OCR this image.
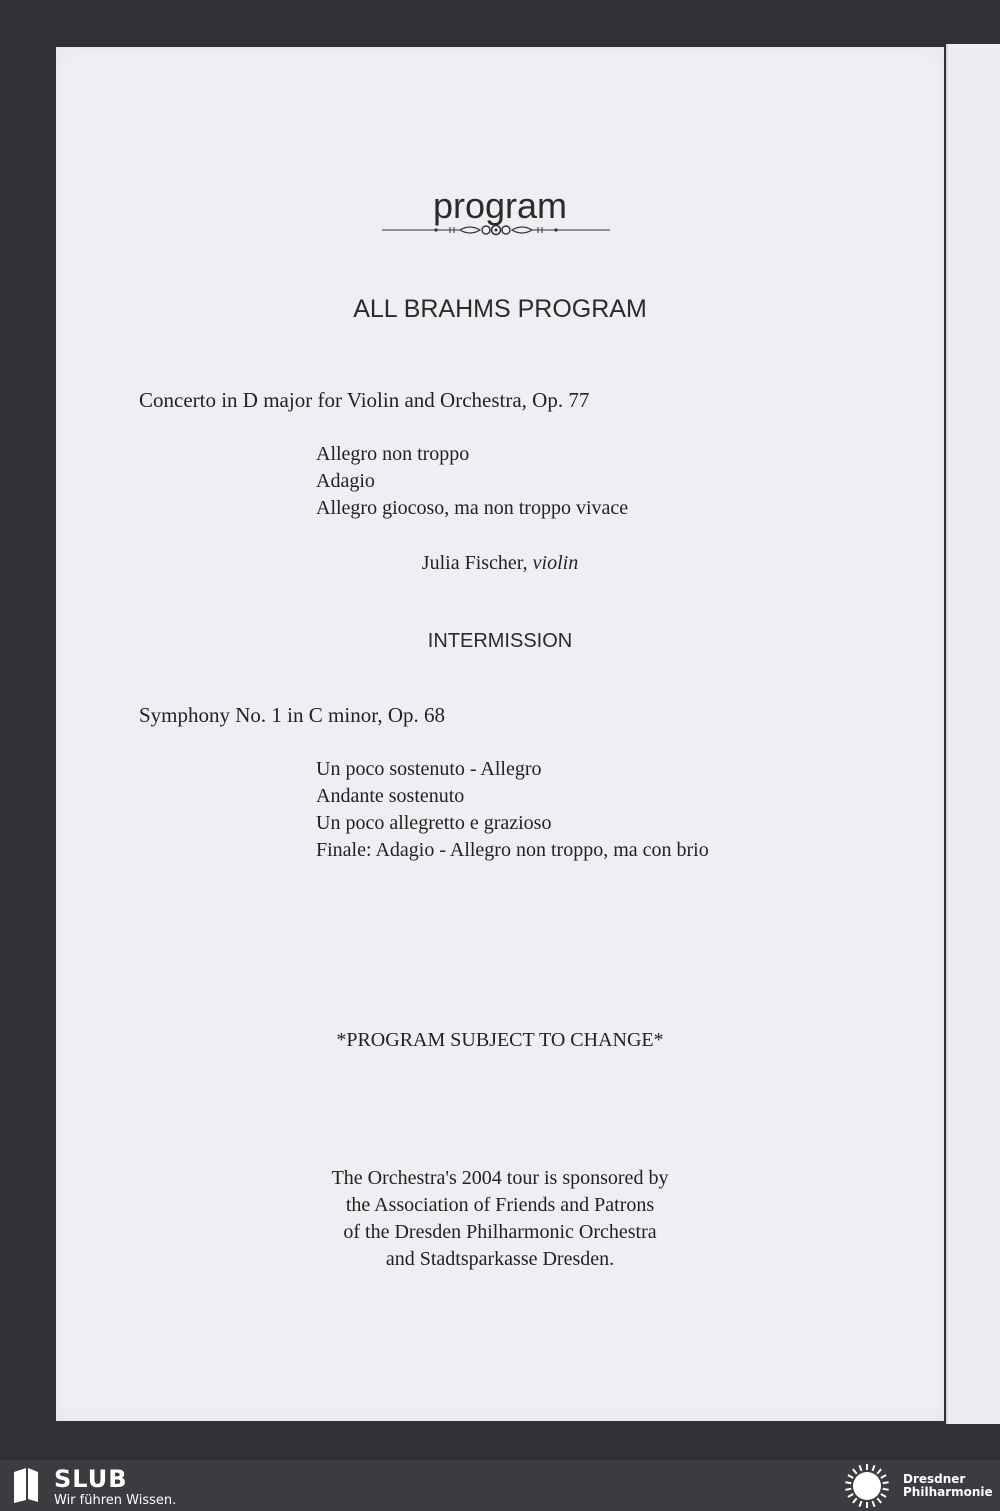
program
ALL BRAHMS PROGRAM
Concerto in D major for Violin and Orchestra, Op. 77
Allegro non troppo
Adagio
Allegro giocoso, ma non troppo vivace
Julia Fischer, violin
INTERMISSION
Symphony No. 1 in C minor, Op. 68
Un poco sostenuto - Allegro
Andante sostenuto
Un poco allegretto e grazioso
Finale: Adagio - Allegro non troppo, ma con brio
*PROGRAM SUBJECT TO CHANGE*
The Orchestra's 2004 tour is sponsored by
the Association of Friends and Patrons
of the Dresden Philharmonic Orchestra
and Stadtsparkasse Dresden.
SLUB
Wir führen Wissen.
Dresdner
Philharmonie
